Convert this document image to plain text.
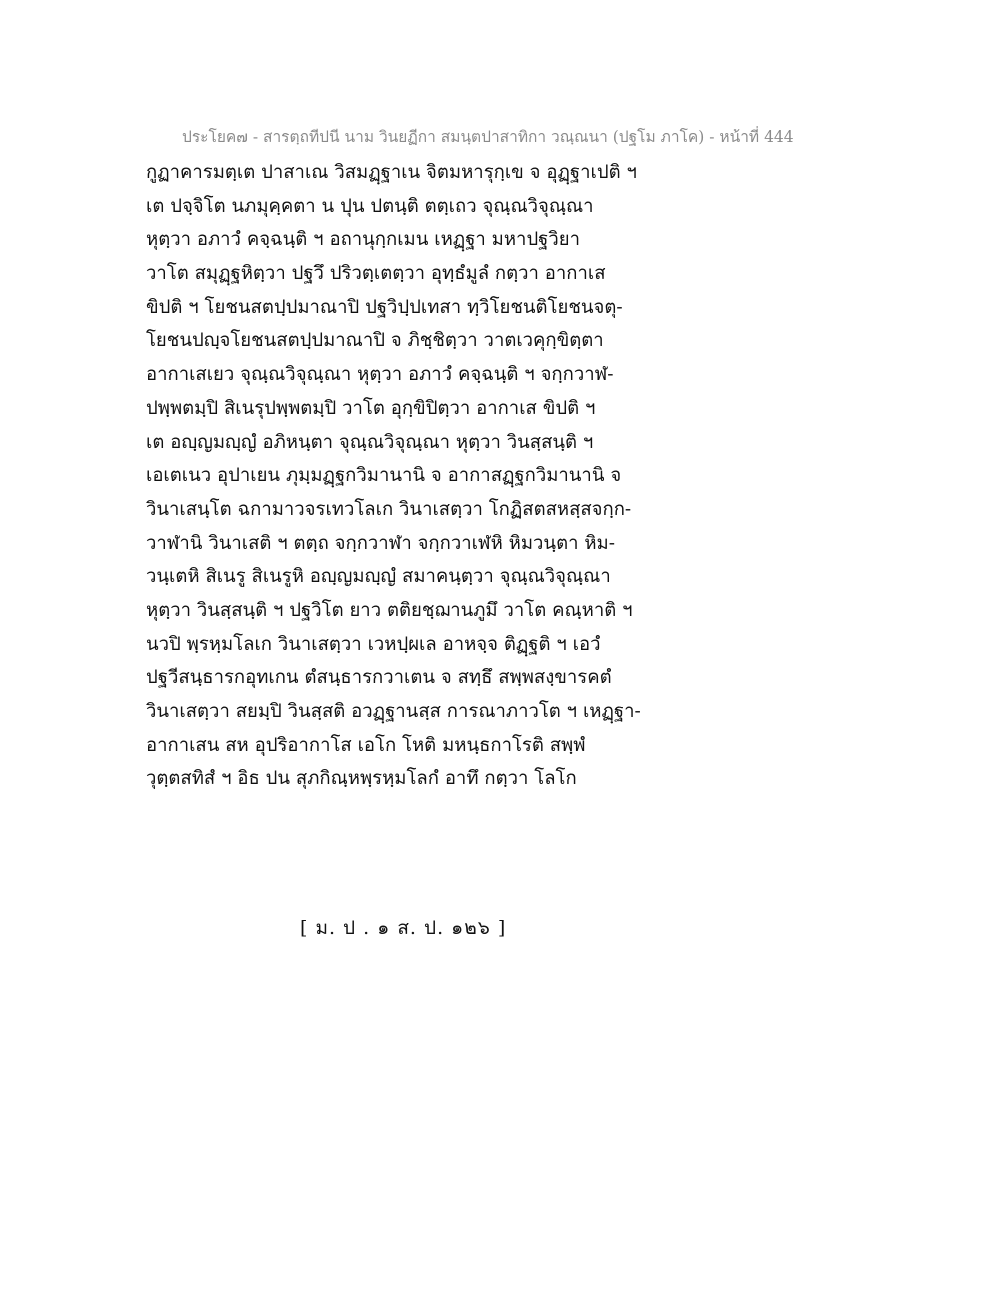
ประโยค๗ - สารตฺถทีปนี นาม วินยฏีกา สมนฺตปาสาทิกา วณฺณนา (ปฐโม ภาโค) - หน้าที่ 444
กูฏาคารมตฺเต ปาสาเณ วิสมฏฺฐาเน จิตมหารุกฺเข จ อุฏฺฐาเปติ ฯ
เต ปจฺจิโต นภมุคฺคตา น ปุน ปตนฺติ ตตฺเถว จุณฺณวิจุณฺณา
หุตฺวา อภาวํ คจฺฉนฺติ ฯ อถานุกฺกเมน เหฏฺฐา มหาปฐวิยา
วาโต สมุฏฺฐหิตฺวา ปฐวึ ปริวตฺเตตฺวา อุทฺธํมูลํ กตฺวา อากาเส
ขิปติ ฯ โยชนสตปฺปมาณาปิ ปฐวิปฺปเทสา ทฺวิโยชนติโยชนจตุ-
โยชนปญฺจโยชนสตปฺปมาณาปิ จ ภิชฺชิตฺวา วาตเวคุกฺขิตฺตา
อากาเสเยว จุณฺณวิจุณฺณา หุตฺวา อภาวํ คจฺฉนฺติ ฯ จกฺกวาฬ-
ปพฺพตมฺปิ สิเนรุปพฺพตมฺปิ วาโต อุกฺขิปิตฺวา อากาเส ขิปติ ฯ
เต อญฺญมญฺญํ อภิหนฺตา จุณฺณวิจุณฺณา หุตฺวา วินสฺสนฺติ ฯ
เอเตเนว อุปาเยน ภุมฺมฏฺฐกวิมานานิ จ อากาสฏฺฐกวิมานานิ จ
วินาเสนฺโต ฉกามาวจรเทวโลเก วินาเสตฺวา โกฏิสตสหสฺสจกฺก-
วาฬานิ วินาเสติ ฯ ตตฺถ จกฺกวาฬา จกฺกวาเฬหิ หิมวนฺตา หิม-
วนฺเตหิ สิเนรู สิเนรูหิ อญฺญมญฺญํ สมาคนฺตฺวา จุณฺณวิจุณฺณา
หุตฺวา วินสฺสนฺติ ฯ ปฐวิโต ยาว ตติยชฺฌานภูมึ วาโต คณฺหาติ ฯ
นวปิ พฺรหฺมโลเก วินาเสตฺวา เวหปฺผเล อาหจฺจ ติฏฺฐติ ฯ เอวํ
ปฐวีสนฺธารกอุทเกน ตํสนฺธารกวาเตน จ สทฺธึ สพฺพสงฺขารคตํ
วินาเสตฺวา สยมฺปิ วินสฺสติ อวฏฺฐานสฺส การณาภาวโต ฯ เหฏฺฐา-
อากาเสน สห อุปริอากาโส เอโก โหติ มหนฺธกาโรติ สพฺพํ
วุตฺตสทิสํ ฯ อิธ ปน สุภกิณฺหพฺรหฺมโลกํ อาทึ กตฺวา โลโก
[ ม. ป . ๑ ส. ป. ๑๒๖ ]
